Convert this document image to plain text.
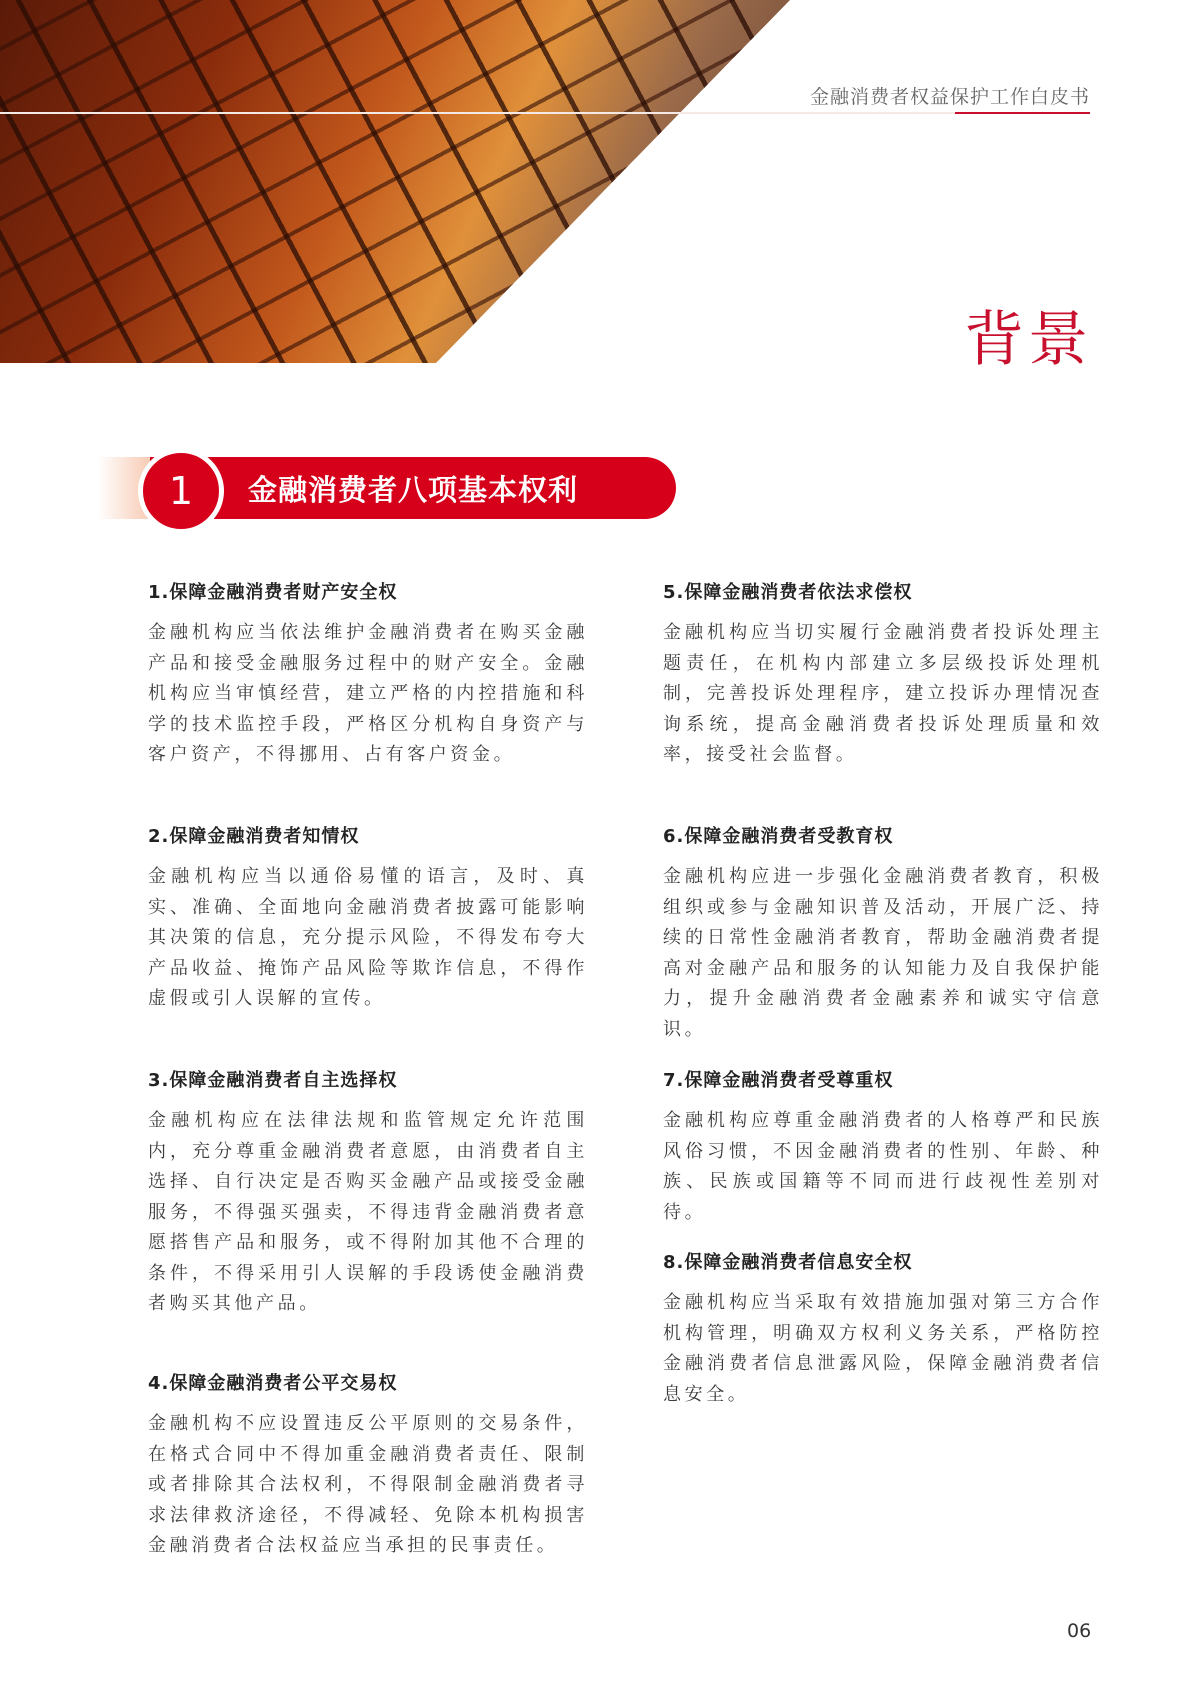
金融消费者权益保护工作白皮书
背景
1	金融消费者八项基本权利
1.保障金融消费者财产安全权

金融机构应当依法维护金融消费者在购买金融产品和接受金融服务过程中的财产安全。金融机构应当审慎经营，建立严格的内控措施和科学的技术监控手段，严格区分机构自身资产与客户资产，不得挪用、占有客户资金。

2.保障金融消费者知情权

金融机构应当以通俗易懂的语言，及时、真实、准确、全面地向金融消费者披露可能影响其决策的信息，充分提示风险，不得发布夸大产品收益、掩饰产品风险等欺诈信息，不得作虚假或引人误解的宣传。

3.保障金融消费者自主选择权

金融机构应在法律法规和监管规定允许范围内，充分尊重金融消费者意愿，由消费者自主选择、自行决定是否购买金融产品或接受金融服务，不得强买强卖，不得违背金融消费者意愿搭售产品和服务，或不得附加其他不合理的条件，不得采用引人误解的手段诱使金融消费者购买其他产品。

4.保障金融消费者公平交易权

金融机构不应设置违反公平原则的交易条件，在格式合同中不得加重金融消费者责任、限制或者排除其合法权利，不得限制金融消费者寻求法律救济途径，不得减轻、免除本机构损害金融消费者合法权益应当承担的民事责任。

5.保障金融消费者依法求偿权

金融机构应当切实履行金融消费者投诉处理主题责任，在机构内部建立多层级投诉处理机制，完善投诉处理程序，建立投诉办理情况查询系统，提高金融消费者投诉处理质量和效率，接受社会监督。

6.保障金融消费者受教育权

金融机构应进一步强化金融消费者教育，积极组织或参与金融知识普及活动，开展广泛、持续的日常性金融消者教育，帮助金融消费者提高对金融产品和服务的认知能力及自我保护能力，提升金融消费者金融素养和诚实守信意识。

7.保障金融消费者受尊重权

金融机构应尊重金融消费者的人格尊严和民族风俗习惯，不因金融消费者的性别、年龄、种族、民族或国籍等不同而进行歧视性差别对待。

8.保障金融消费者信息安全权

金融机构应当采取有效措施加强对第三方合作机构管理，明确双方权利义务关系，严格防控金融消费者信息泄露风险，保障金融消费者信息安全。

06
